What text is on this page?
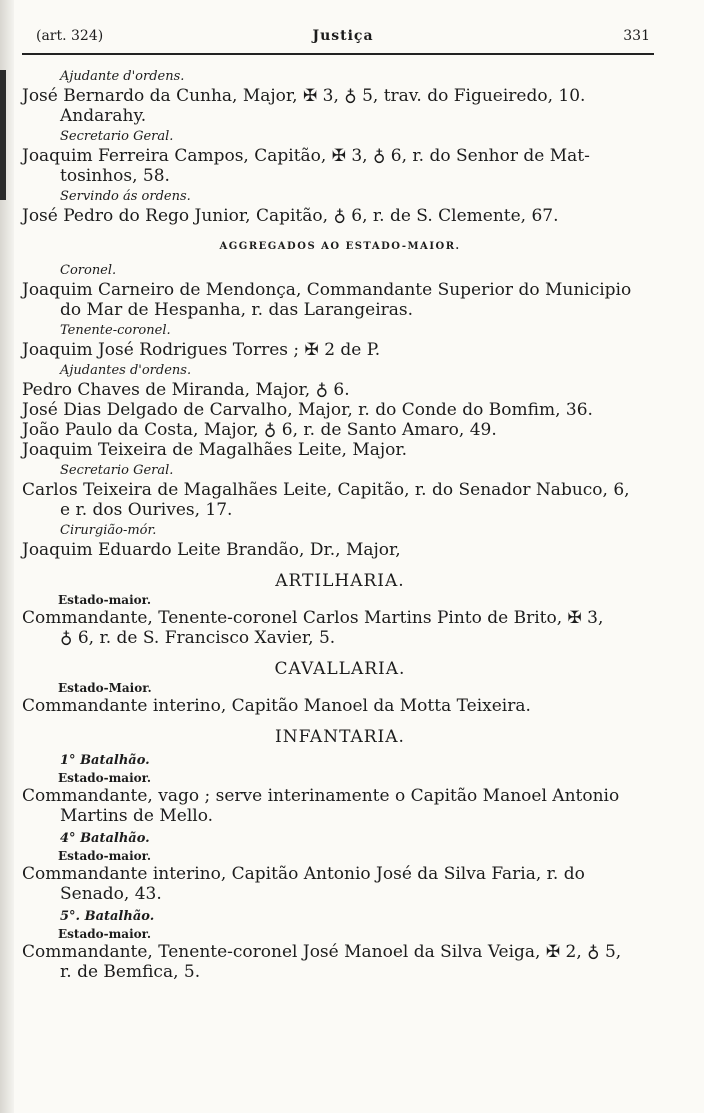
(art. 324)	Justiça	331
Ajudante d'ordens.
José Bernardo da Cunha, Major, ✠ 3, ♁ 5, trav. do Figueiredo, 10.
Andarahy.
Secretario Geral.
Joaquim Ferreira Campos, Capitão, ✠ 3, ♁ 6, r. do Senhor de Mat-
tosinhos, 58.
Servindo ás ordens.
José Pedro do Rego Junior, Capitão, ♁ 6, r. de S. Clemente, 67.
AGGREGADOS AO ESTADO-MAIOR.
Coronel.
Joaquim Carneiro de Mendonça, Commandante Superior do Municipio
do Mar de Hespanha, r. das Larangeiras.
Tenente-coronel.
Joaquim José Rodrigues Torres ; ✠ 2 de P.
Ajudantes d'ordens.
Pedro Chaves de Miranda, Major, ♁ 6.
José Dias Delgado de Carvalho, Major, r. do Conde do Bomfim, 36.
João Paulo da Costa, Major, ♁ 6, r. de Santo Amaro, 49.
Joaquim Teixeira de Magalhães Leite, Major.
Secretario Geral.
Carlos Teixeira de Magalhães Leite, Capitão, r. do Senador Nabuco, 6,
e r. dos Ourives, 17.
Cirurgião-mór.
Joaquim Eduardo Leite Brandão, Dr., Major,
ARTILHARIA.
Estado-maior.
Commandante, Tenente-coronel Carlos Martins Pinto de Brito, ✠ 3,
♁ 6, r. de S. Francisco Xavier, 5.
CAVALLARIA.
Estado-Maior.
Commandante interino, Capitão Manoel da Motta Teixeira.
INFANTARIA.
1° Batalhão.
Estado-maior.
Commandante, vago ; serve interinamente o Capitão Manoel Antonio
Martins de Mello.
4° Batalhão.
Estado-maior.
Commandante interino, Capitão Antonio José da Silva Faria, r. do
Senado, 43.
5°. Batalhão.
Estado-maior.
Commandante, Tenente-coronel José Manoel da Silva Veiga, ✠ 2, ♁ 5,
r. de Bemfica, 5.
